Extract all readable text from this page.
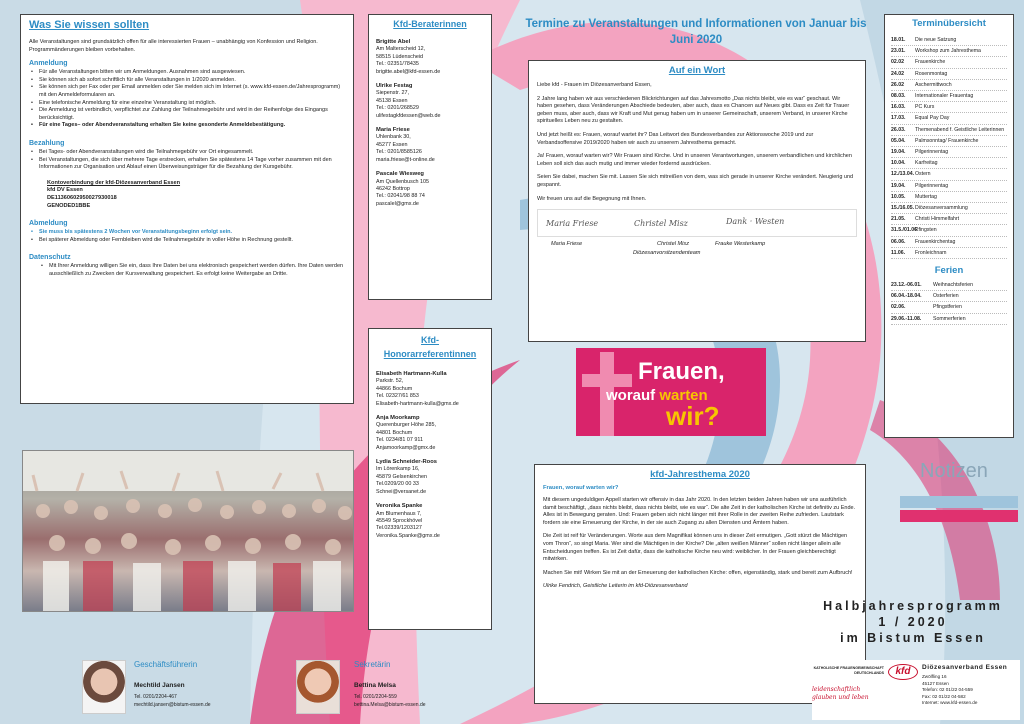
Was Sie wissen sollten

Alle Veranstaltungen sind grundsätzlich offen für alle interessierten Frauen – unabhängig von Konfession und Religion. Programmänderungen bleiben vorbehalten.

Anmeldung
• Für alle Veranstaltungen bitten wir um Anmeldungen. Ausnahmen sind ausgewiesen.
• Sie können sich ab sofort schriftlich für alle Veranstaltungen in 1/2020 anmelden.
• Sie können sich per Fax oder per Email anmelden oder Sie melden sich im Internet (s. www.kfd-essen.de/Jahresprogramm) mit den Anmeldeformularen an.
• Eine telefonische Anmeldung für eine einzelne Veranstaltung ist möglich.
• Die Anmeldung ist verbindlich, verpflichtet zur Zahlung der Teilnahmegebühr und wird in der Reihenfolge des Eingangs berücksichtigt.
• Für eine Tages– oder Abendveranstaltung erhalten Sie keine gesonderte Anmeldebestätigung.
Bezahlung
• Bei Tages- oder Abendveranstaltungen wird die Teilnahmegebühr vor Ort eingesammelt.
• Bei Veranstaltungen, die sich über mehrere Tage erstrecken, erhalten Sie spätestens 14 Tage vorher zusammen mit den Informationen zur Organisation und Ablauf einen Überweisungsträger für die Bezahlung der Kursgebühr.
Kontoverbindung der kfd-Diözesanverband Essen
kfd DV Essen
DE11360602950027930018
GENODED1BBE
Abmeldung
• Sie muss bis spätestens 2 Wochen vor Veranstaltungsbeginn erfolgt sein.
• Bei späterer Abmeldung oder Fernbleiben wird die Teilnahmegebühr in voller Höhe in Rechnung gestellt.
Datenschutz
• Mit Ihrer Anmeldung willigen Sie ein, dass Ihre Daten bei uns elektronisch gespeichert werden dürfen. Ihre Daten werden ausschließlich zu Zwecken der Kursverwaltung gespeichert. Es erfolgt keine Weitergabe an Dritte.
Geschäftsführerin
Mechtild Jansen
Tel. 0201/2204-467
mechtild.jansen@bistum-essen.de
Sekretärin
Bettina Melsa
Tel. 0201/2204-559
bettina.Melsa@bistum-essen.de
Kfd-Beraterinnen
Brigitte Abel
Am Malterscheid 12,
58515 Lüdenscheid
Tel.: 02351/78435
brigitte.abel@kfd-essen.de
Ulrike Festag
Siepenstr. 27,
45138 Essen
Tel.: 0201/268529
ulifestagkfdessen@web.de
Maria Friese
Uhlenbank 30,
45277 Essen
Tel.: 0201/8585126
maria.friese@t-online.de
Pascale Wiesweg
Am Quellenbusch 105
46242 Bottrop
Tel.: 02041/98 88 74
pascalel@gmx.de
Kfd-Honorarreferentinnen
Elisabeth Hartmann-Kulla
Parkstr. 52,
44866 Bochum
Tel. 02327/61 853
Elisabeth-hartmann-kulla@gmx.de
Anja Moorkamp
Querenburger Höhe 285,
44801 Bochum
Tel. 0234/81 07 911
Anjamoorkamp@gmx.de
Lydia Schneider-Roos
Im Lörenkamp 16,
45879 Gelsenkirchen
Tel.0209/20 00 33
Schnei@versanet.de
Veronika Spanke
Am Blumenhaus 7,
45549 Sprockhövel
Tel.02339/1203127
Veronika.Spanke@gmx.de
Termine zu Veranstaltungen und Informationen von Januar bis Juni 2020
Auf ein Wort

Liebe kfd - Frauen im Diözesanverband Essen,

2 Jahre lang haben wir aus verschiedenen Blickrichtungen auf das Jahresmotto „Das nichts bleibt, wie es war“ geschaut. Wir haben gesehen, dass Veränderungen Abschiede bedeuten, aber auch, dass es Chancen auf Neues gibt. Dass es Zeit für Trauer geben muss, aber auch, dass wir Kraft und Mut genug haben um in unserer Gemeinschaft, unserem Verband, in unserer Kirche spirituelles Leben neu zu gestalten.

Und jetzt heißt es: Frauen, worauf wartet ihr? Das Leitwort des Bundesverbandes zur Aktionswoche 2019 und zur Verbandsoffensive 2019/2020 haben wir auch zu unserem Jahresthema gemacht.

Ja! Frauen, worauf warten wir? Wir Frauen sind Kirche. Und in unseren Verantwortungen, unserem verbandlichen und kirchlichen Leben soll sich das auch mutig und immer wieder fordernd ausdrücken.

Seien Sie dabei, machen Sie mit. Lassen Sie sich mitreißen von dem, was sich gerade in unserer Kirche verändert. Neugierig und gespannt.

Wir freuen uns auf die Begegnung mit Ihnen.

Maria Friese	Christel Misz	Dank · Westen
Maria Friese	Christel Misz	Frauke Westerkamp
Diözesanvorsitzendenteam
Frauen,
worauf warten
wir?
kfd-Jahresthema 2020
Frauen, worauf warten wir?

Mit diesem ungeduldigen Appell starten wir offensiv in das Jahr 2020. In den letzten beiden Jahren haben wir uns ausführlich damit beschäftigt, „dass nichts bleibt, dass nichts bleibt, wie es war“. Die alte Zeit in der katholischen Kirche ist definitiv zu Ende. Alles ist in Bewegung geraten. Und: Frauen geben sich nicht länger mit ihrer Rolle in der zweiten Reihe zufrieden. Lautstark fordern sie eine Erneuerung der Kirche, in der sie auch Zugang zu allen Diensten und Ämtern haben.

Die Zeit ist reif für Veränderungen. Worte aus dem Magnifikat können uns in dieser Zeit ermutigen. „Gott stürzt die Mächtigen vom Thron“, so singt Maria. Wer sind die Mächtigen in der Kirche? Die „alten weißen Männer“ sollen nicht länger allein alle Entscheidungen treffen. Es ist Zeit dafür, dass die katholische Kirche neu wird: weiblicher. In der Frauen gleichberechtigt mitwirken.

Machen Sie mit! Wirken Sie mit an der Erneuerung der katholischen Kirche: offen, eigenständig, stark und bereit zum Aufbruch!

Ulrike Fendrich, Geistliche Leiterin im kfd-Diözesanverband

Terminübersicht
18.01.	Die neue Satzung
23.01.	Workshop zum Jahresthema
02.02	Frauenkirche
24.02	Rosenmontag
26.02	Aschermittwoch
08.03.	Internationaler Frauentag
16.03.	PC Kurs
17.03.	Equal Pay Day
26.03.	Themenabend f. Geistliche Leiterinnen
05.04.	Palmsonntag/ Frauenkirche
19.04.	Pilgerinnentag
10.04.	Karfreitag
12./13.04. Ostern
19.04.	Pilgerinnentag
10.05.	Muttertag
15./16.05. Diözesanversammlung
21.05.	Christi Himmelfahrt
31.5./01.06.
Pfingsten
06.06.	Frauenkirchentag
11.06.	Fronleichnam
Ferien
23.12.-06.01.	Weihnachtsferien
06.04.-18.04.	Osterferien
02.06.	Pfingstferien
29.06.-11.08.	Sommerferien
Notizen
Halbjahresprogramm
1 / 2020
im Bistum Essen
KATHOLISCHE FRAUENGEMEINSCHAFT DEUTSCHLANDS	kfd
leidenschaftlich glauben und leben
Diözesanverband Essen
Zwölfling 16
45127 Essen
Telefon: 02 01/22 04-559
Fax: 02 01/22 04-582
Internet: www.kfd-essen.de
